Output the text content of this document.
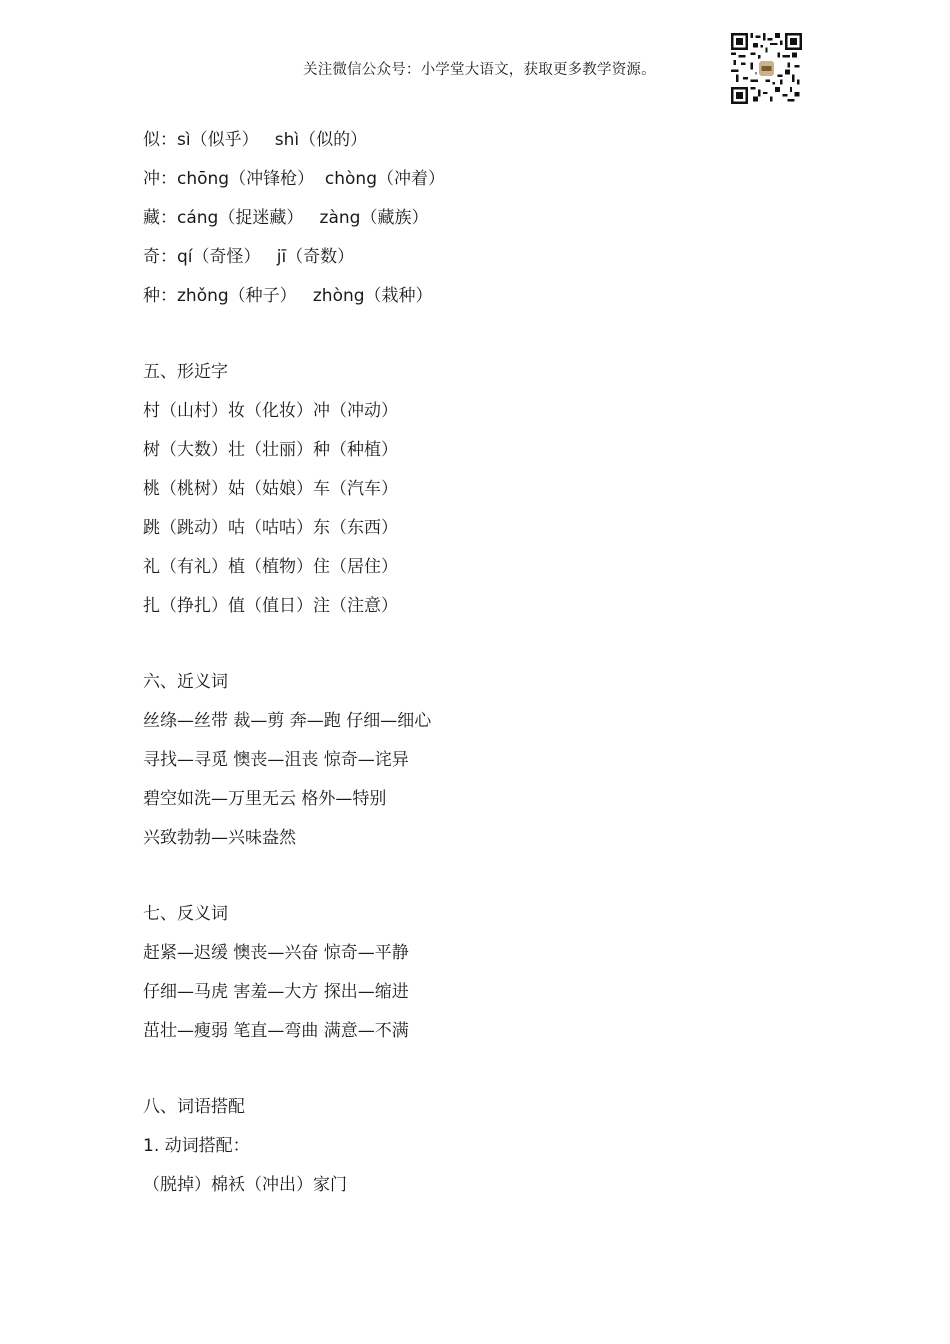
关注微信公众号：小学堂大语文，获取更多教学资源。
似：sì（似乎）   shì（似的）
冲：chōng（冲锋枪）  chòng（冲着）
藏：cáng（捉迷藏）   zàng（藏族）
奇：qí（奇怪）   jī（奇数）
种：zhǒng（种子）   zhòng（栽种）
五、形近字
村（山村）妆（化妆）冲（冲动）
树（大数）壮（壮丽）种（种植）
桃（桃树）姑（姑娘）车（汽车）
跳（跳动）咕（咕咕）东（东西）
礼（有礼）植（植物）住（居住）
扎（挣扎）值（值日）注（注意）
六、近义词
丝绦—丝带 裁—剪 奔—跑 仔细—细心
寻找—寻觅 懊丧—沮丧 惊奇—诧异
碧空如洗—万里无云 格外—特别
兴致勃勃—兴味盎然
七、反义词
赶紧—迟缓 懊丧—兴奋 惊奇—平静
仔细—马虎 害羞—大方 探出—缩进
茁壮—瘦弱 笔直—弯曲 满意—不满
八、词语搭配
1. 动词搭配：
（脱掉）棉袄（冲出）家门
